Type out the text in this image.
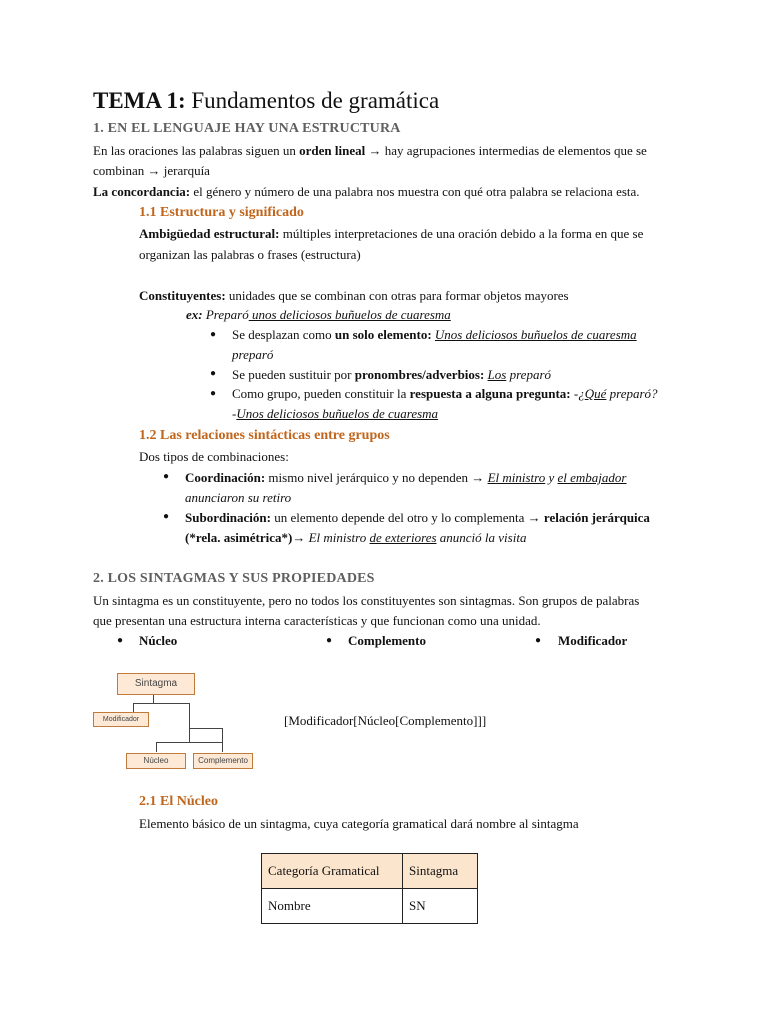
TEMA 1: Fundamentos de gramática
1. EN EL LENGUAJE HAY UNA ESTRUCTURA
En las oraciones las palabras siguen un orden lineal → hay agrupaciones intermedias de elementos que se
combinan → jerarquía
La concordancia: el género y número de una palabra nos muestra con qué otra palabra se relaciona esta.
1.1 Estructura y significado
Ambigüedad estructural: múltiples interpretaciones de una oración debido a la forma en que se
organizan las palabras o frases (estructura)
Constituyentes: unidades que se combinan con otras para formar objetos mayores
ex: Preparó unos deliciosos buñuelos de cuaresma
● Se desplazan como un solo elemento: Unos deliciosos buñuelos de cuaresma
preparó
● Se pueden sustituir por pronombres/adverbios: Los preparó
● Como grupo, pueden constituir la respuesta a alguna pregunta: -¿Qué preparó?
-Unos deliciosos buñuelos de cuaresma
1.2 Las relaciones sintácticas entre grupos
Dos tipos de combinaciones:
● Coordinación: mismo nivel jerárquico y no dependen → El ministro y el embajador
anunciaron su retiro
● Subordinación: un elemento depende del otro y lo complementa → relación jerárquica
(*rela. asimétrica*)→ El ministro de exteriores anunció la visita
2. LOS SINTAGMAS Y SUS PROPIEDADES
Un sintagma es un constituyente, pero no todos los constituyentes son sintagmas. Son grupos de palabras
que presentan una estructura interna características y que funcionan como una unidad.
● Núcleo	● Complemento	● Modificador
Sintagma
Modificador
Núcleo	Complemento
[Modificador[Núcleo[Complemento]]]
2.1 El Núcleo
Elemento básico de un sintagma, cuya categoría gramatical dará nombre al sintagma
Categoría Gramatical	Sintagma
Nombre	SN
